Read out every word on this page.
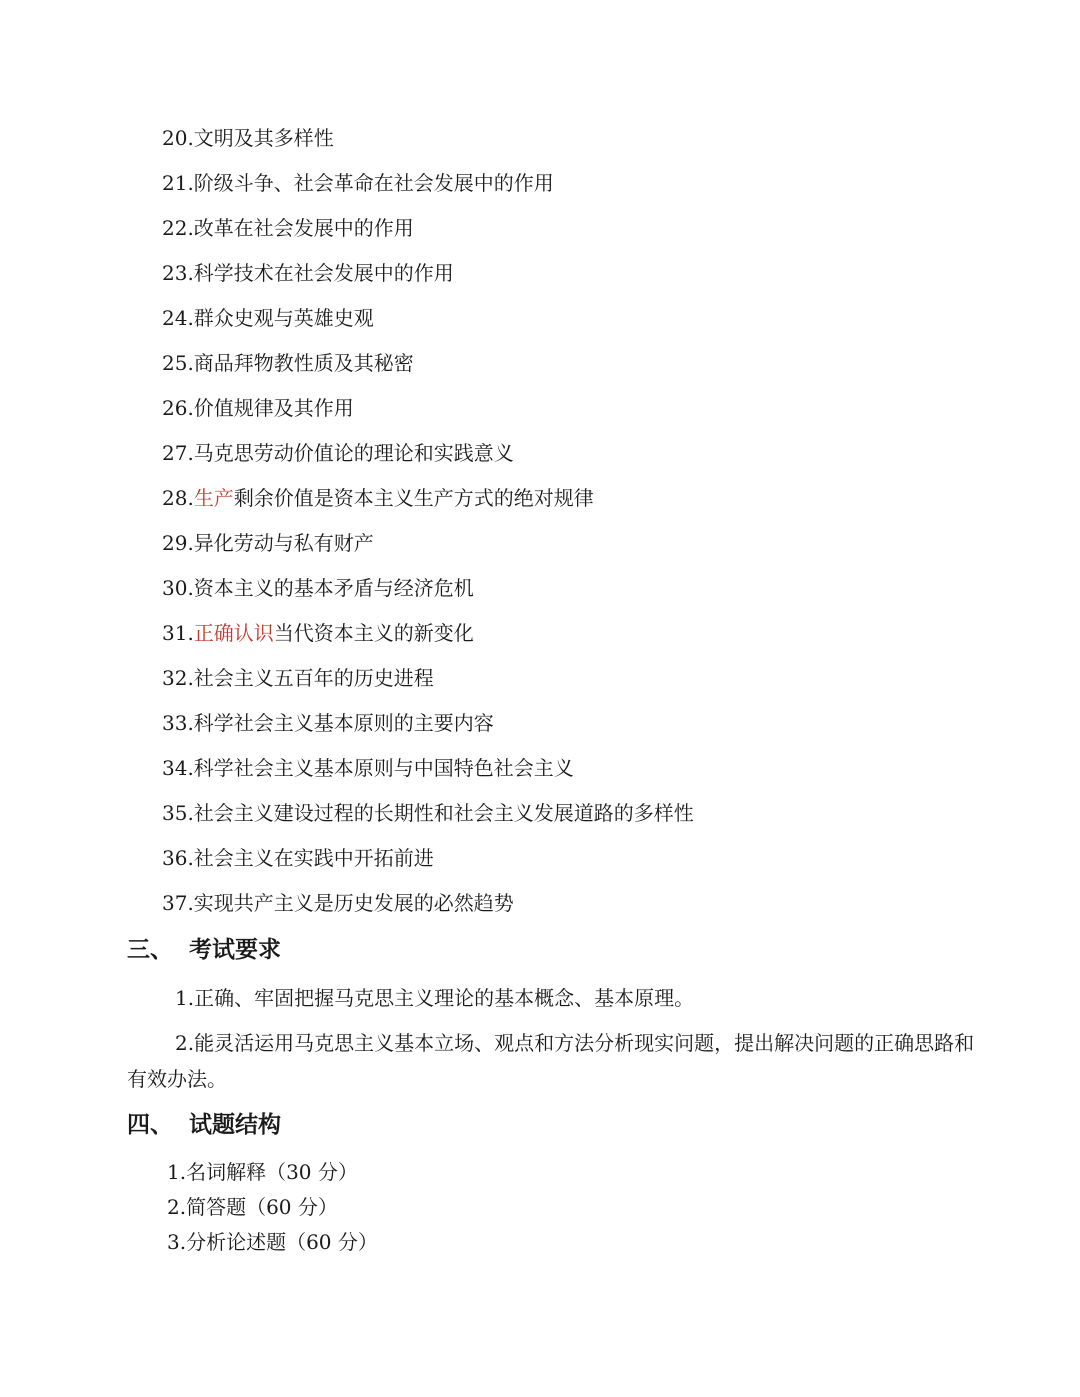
20.文明及其多样性
21.阶级斗争、社会革命在社会发展中的作用
22.改革在社会发展中的作用
23.科学技术在社会发展中的作用
24.群众史观与英雄史观
25.商品拜物教性质及其秘密
26.价值规律及其作用
27.马克思劳动价值论的理论和实践意义
28.生产剩余价值是资本主义生产方式的绝对规律
29.异化劳动与私有财产
30.资本主义的基本矛盾与经济危机
31.正确认识当代资本主义的新变化
32.社会主义五百年的历史进程
33.科学社会主义基本原则的主要内容
34.科学社会主义基本原则与中国特色社会主义
35.社会主义建设过程的长期性和社会主义发展道路的多样性
36.社会主义在实践中开拓前进
37.实现共产主义是历史发展的必然趋势
三、 考试要求
1.正确、牢固把握马克思主义理论的基本概念、基本原理。
2.能灵活运用马克思主义基本立场、观点和方法分析现实问题，提出解决问题的正确思路和有效办法。
四、 试题结构
1.名词解释（30 分）
2.简答题（60 分）
3.分析论述题（60 分）
